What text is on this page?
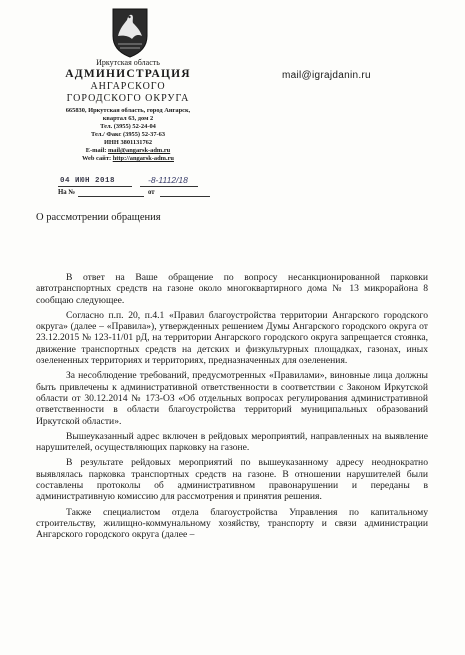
Иркутская область
АДМИНИСТРАЦИЯ
АНГАРСКОГО
ГОРОДСКОГО ОКРУГА
665830, Иркутская область, город Ангарск,
квартал 63, дом 2
Тел. (3955) 52-24-04
Тел./ Факс (3955) 52-37-63
ИНН 3801131762
E-mail: mail@angarsk-adm.ru
Web сайт: http://angarsk-adm.ru
mail@igrajdanin.ru
04 ИЮН 2018	-8-1112/18
На №	от
О рассмотрении обращения

В ответ на Ваше обращение по вопросу несанкционированной парковки автотранспортных средств на газоне около многоквартирного дома № 13 микрорайона 8 сообщаю следующее.

Согласно п.п. 20, п.4.1 «Правил благоустройства территории Ангарского городского округа» (далее – «Правила»), утвержденных решением Думы Ангарского городского округа от 23.12.2015 № 123-11/01 рД, на территории Ангарского городского округа запрещается стоянка, движение транспортных средств на детских и физкультурных площадках, газонах, иных озелененных территориях и территориях, предназначенных для озеленения.

За несоблюдение требований, предусмотренных «Правилами», виновные лица должны быть привлечены к административной ответственности в соответствии с Законом Иркутской области от 30.12.2014 № 173-ОЗ «Об отдельных вопросах регулирования административной ответственности в области благоустройства территорий муниципальных образований Иркутской области».

Вышеуказанный адрес включен в рейдовых мероприятий, направленных на выявление нарушителей, осуществляющих парковку на газоне.

В результате рейдовых мероприятий по вышеуказанному адресу неоднократно выявлялась парковка транспортных средств на газоне. В отношении нарушителей были составлены протоколы об административном правонарушении и переданы в административную комиссию для рассмотрения и принятия решения.

Также специалистом отдела благоустройства Управления по капитальному строительству, жилищно-коммунальному хозяйству, транспорту и связи администрации Ангарского городского округа (далее –
